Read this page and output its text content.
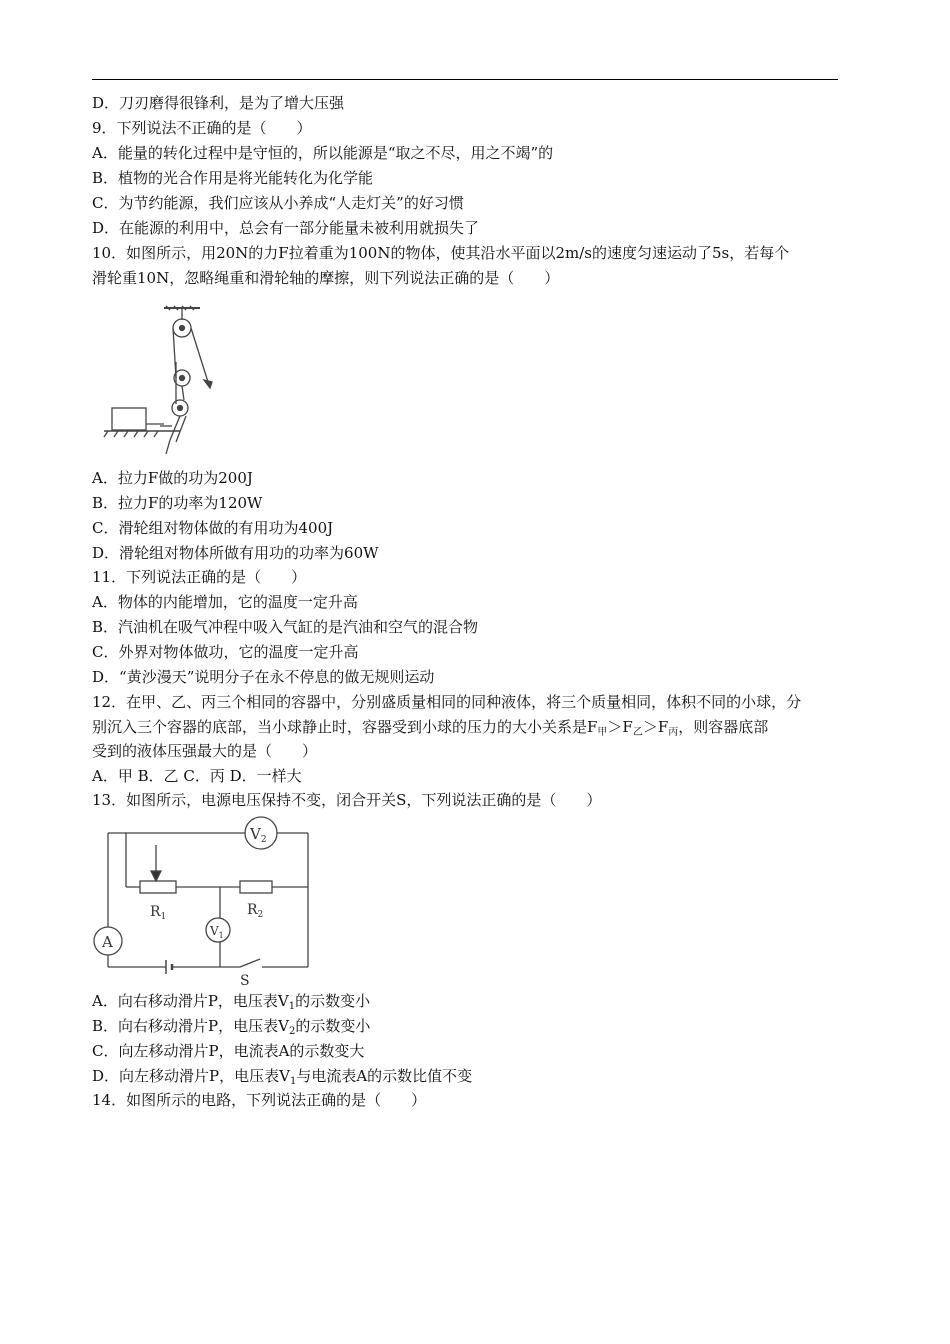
D．刀刃磨得很锋利，是为了增大压强
9．下列说法不正确的是（　　）
A．能量的转化过程中是守恒的，所以能源是“取之不尽，用之不竭”的
B．植物的光合作用是将光能转化为化学能
C．为节约能源，我们应该从小养成“人走灯关”的好习惯
D．在能源的利用中，总会有一部分能量未被利用就损失了
10．如图所示，用20N的力F拉着重为100N的物体，使其沿水平面以2m/s的速度匀速运动了5s，若每个
滑轮重10N，忽略绳重和滑轮轴的摩擦，则下列说法正确的是（　　）
A．拉力F做的功为200J
B．拉力F的功率为120W
C．滑轮组对物体做的有用功为400J
D．滑轮组对物体所做有用功的功率为60W
11．下列说法正确的是（　　）
A．物体的内能增加，它的温度一定升高
B．汽油机在吸气冲程中吸入气缸的是汽油和空气的混合物
C．外界对物体做功，它的温度一定升高
D．“黄沙漫天”说明分子在永不停息的做无规则运动
12．在甲、乙、丙三个相同的容器中，分别盛质量相同的同种液体，将三个质量相同，体积不同的小球，分
别沉入三个容器的底部，当小球静止时，容器受到小球的压力的大小关系是$F_甲>F_乙>F_丙$，则容器底部
受到的液体压强最大的是（　　）
A．甲 B．乙 C．丙 D．一样大
13．如图所示，电源电压保持不变，闭合开关S，下列说法正确的是（　　）
$V_2$
$R_1$	$R_2$
$V_1$
A
S
A．向右移动滑片P，电压表$V_1$的示数变小
B．向右移动滑片P，电压表$V_2$的示数变小
C．向左移动滑片P，电流表A的示数变大
D．向左移动滑片P，电压表$V_1$与电流表A的示数比值不变
14．如图所示的电路，下列说法正确的是（　　）
